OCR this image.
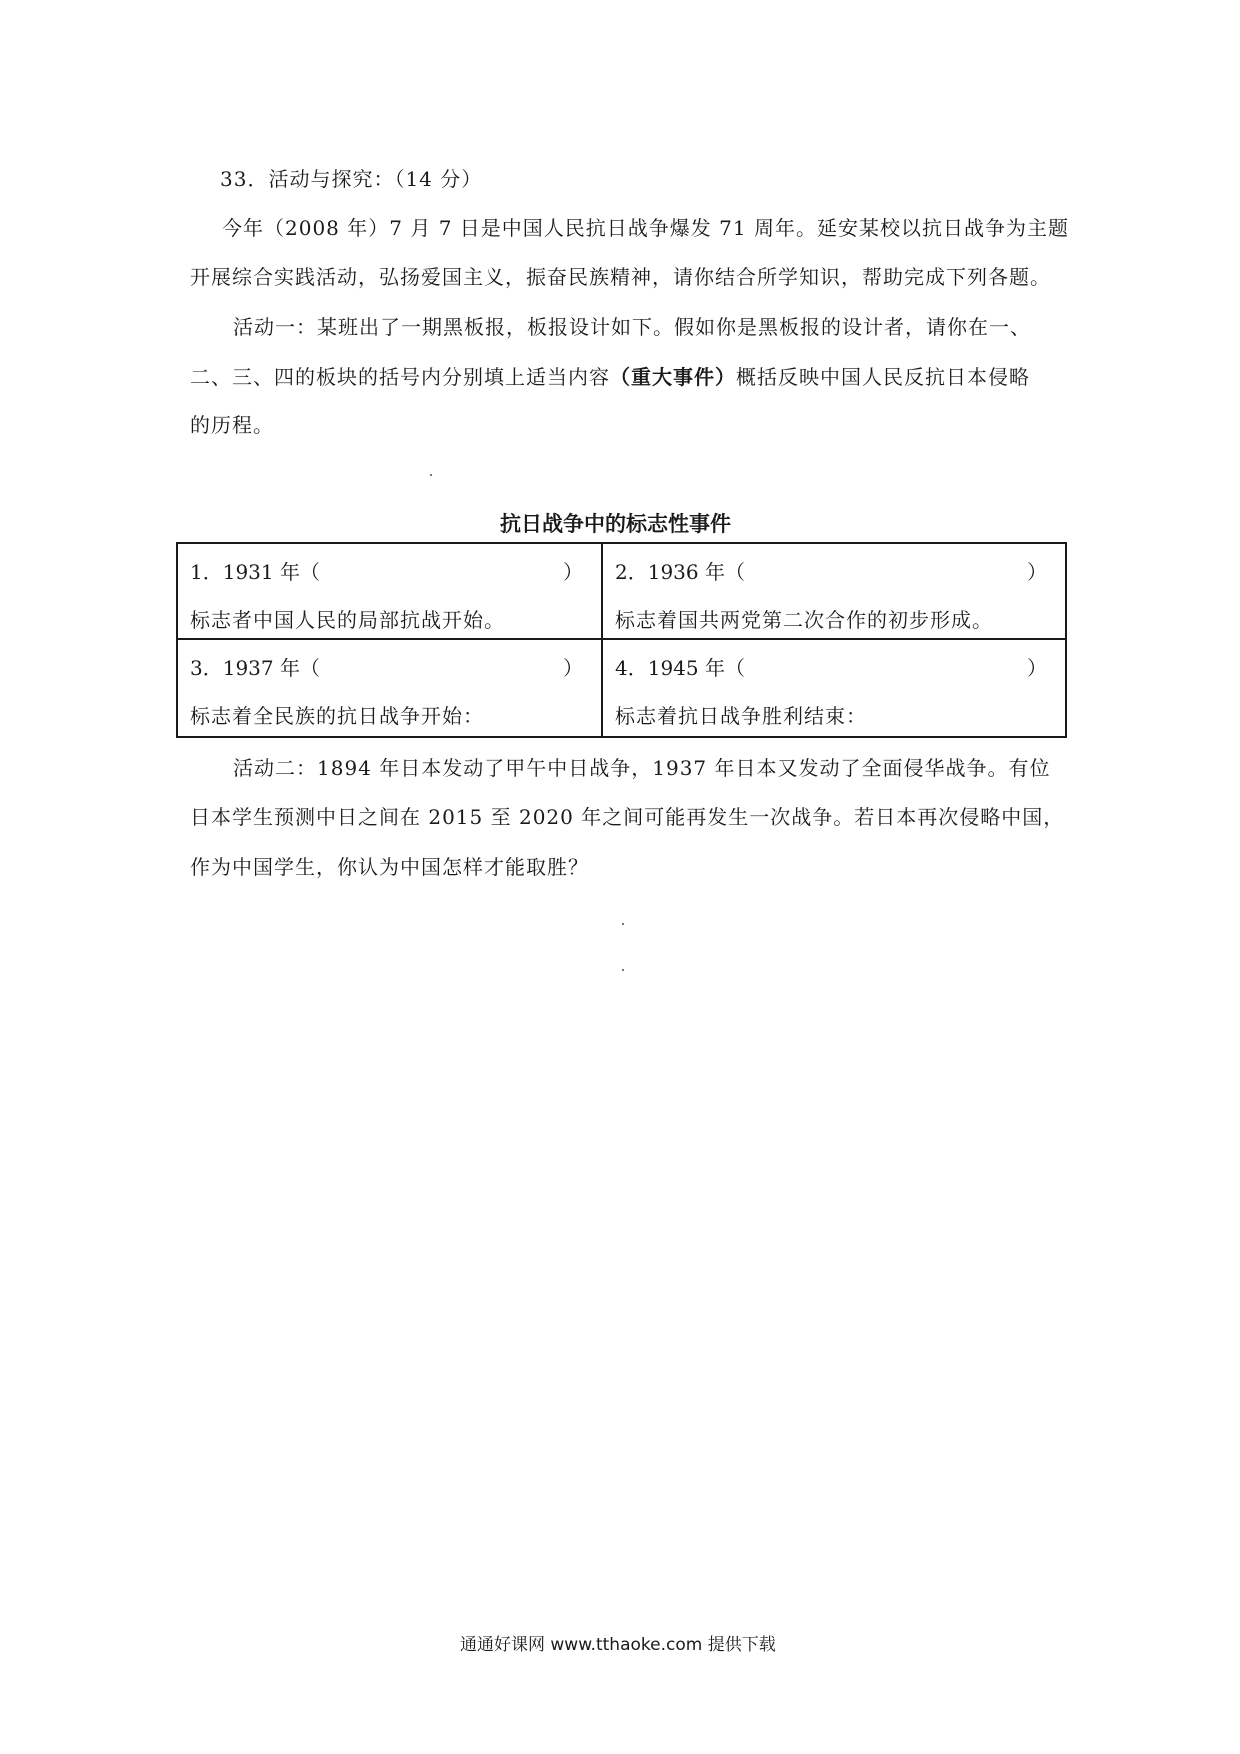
33．活动与探究：（14 分）
今年（2008 年）7 月 7 日是中国人民抗日战争爆发 71 周年。延安某校以抗日战争为主题
开展综合实践活动，弘扬爱国主义，振奋民族精神，请你结合所学知识，帮助完成下列各题。
活动一：某班出了一期黑板报，板报设计如下。假如你是黑板报的设计者，请你在一、
二、三、四的板块的括号内分别填上适当内容（重大事件）概括反映中国人民反抗日本侵略
的历程。
抗日战争中的标志性事件
1．1931 年（	）
标志者中国人民的局部抗战开始。
2．1936 年（	）
标志着国共两党第二次合作的初步形成。
3．1937 年（	）
标志着全民族的抗日战争开始：
4．1945 年（	）
标志着抗日战争胜利结束：
活动二：1894 年日本发动了甲午中日战争，1937 年日本又发动了全面侵华战争。有位
日本学生预测中日之间在 2015 至 2020 年之间可能再发生一次战争。若日本再次侵略中国，
作为中国学生，你认为中国怎样才能取胜？
通通好课网 www.tthaoke.com 提供下载
